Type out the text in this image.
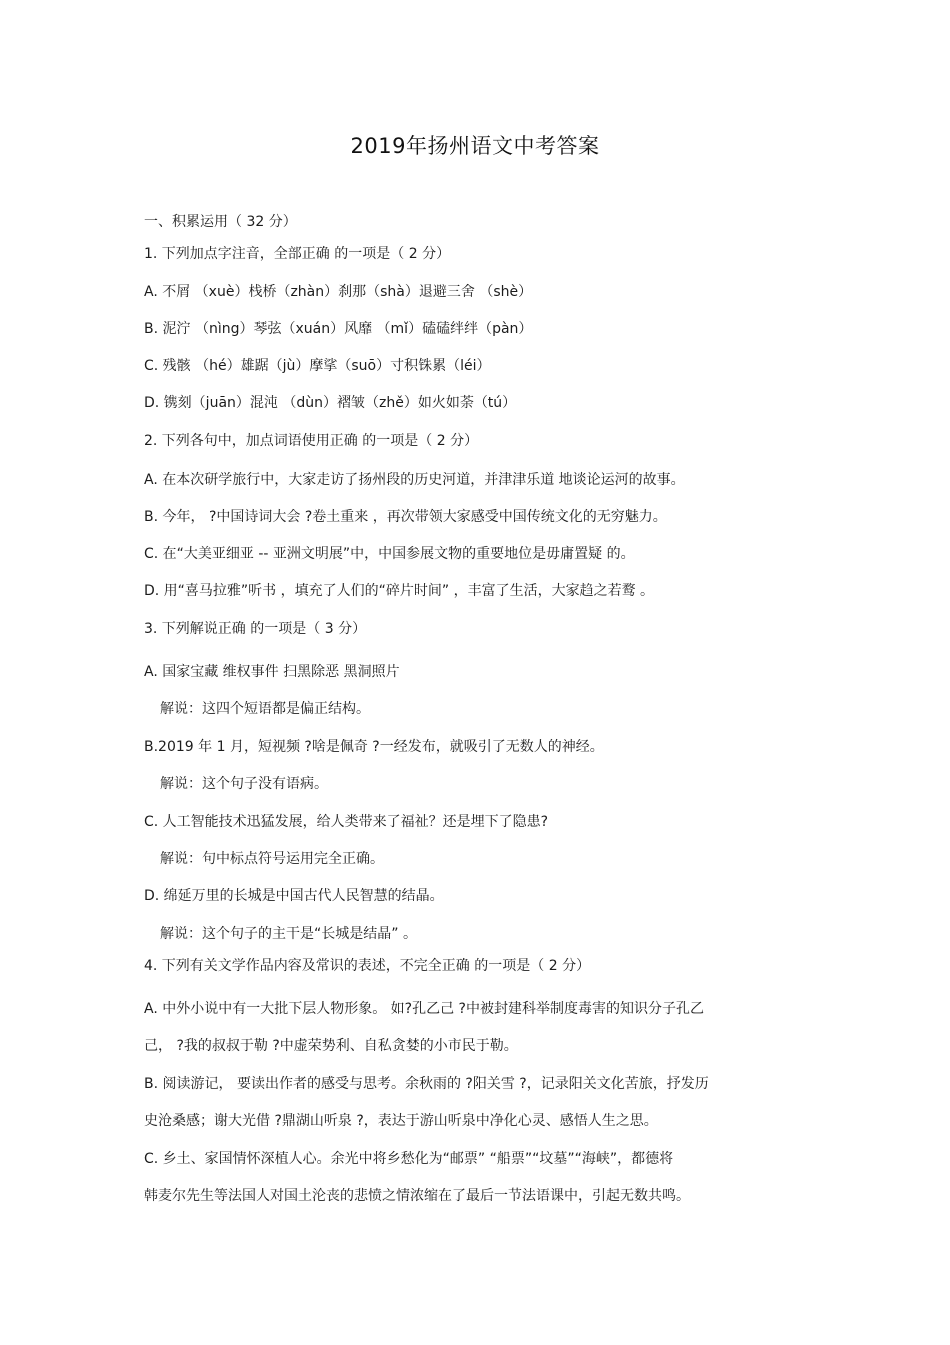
2019年扬州语文中考答案
一、积累运用（ 32 分）
1. 下列加点字注音，全部正确 的一项是（ 2 分）
A. 不屑 （xuè）栈桥（zhàn）刹那（shà）退避三舍 （shè）
B. 泥泞 （nìng）琴弦（xuán）风靡 （mǐ）磕磕绊绊（pàn）
C. 残骸 （hé）雄踞（jù）摩挲（suō）寸积铢累（léi）
D. 镌刻（juān）混沌 （dùn）褶皱（zhě）如火如荼（tú）
2. 下列各句中，加点词语使用正确 的一项是（ 2 分）
A. 在本次研学旅行中，大家走访了扬州段的历史河道，并津津乐道 地谈论运河的故事。
B. 今年， ?中国诗词大会 ?卷土重来 ，再次带领大家感受中国传统文化的无穷魅力。
C. 在“大美亚细亚 -- 亚洲文明展”中，中国参展文物的重要地位是毋庸置疑 的。
D. 用“喜马拉雅”听书 ，填充了人们的“碎片时间” ，丰富了生活，大家趋之若鹜 。
3. 下列解说正确 的一项是（ 3 分）
A. 国家宝藏 维权事件 扫黑除恶 黑洞照片
解说：这四个短语都是偏正结构。
B.2019 年 1 月，短视频 ?啥是佩奇 ?一经发布，就吸引了无数人的神经。
解说：这个句子没有语病。
C. 人工智能技术迅猛发展，给人类带来了福祉？还是埋下了隐患?
解说：句中标点符号运用完全正确。
D. 绵延万里的长城是中国古代人民智慧的结晶。
解说：这个句子的主干是“长城是结晶” 。
4. 下列有关文学作品内容及常识的表述，不完全正确 的一项是（ 2 分）
A. 中外小说中有一大批下层人物形象。 如?孔乙己 ?中被封建科举制度毒害的知识分子孔乙
己， ?我的叔叔于勒 ?中虚荣势利、自私贪婪的小市民于勒。
B. 阅读游记， 要读出作者的感受与思考。余秋雨的 ?阳关雪 ?，记录阳关文化苦旅，抒发历
史沧桑感；谢大光借 ?鼎湖山听泉 ?，表达于游山听泉中净化心灵、感悟人生之思。
C. 乡土、家国情怀深植人心。余光中将乡愁化为“邮票” “船票”“坟墓”“海峡”，都德将
韩麦尔先生等法国人对国土沦丧的悲愤之情浓缩在了最后一节法语课中，引起无数共鸣。
